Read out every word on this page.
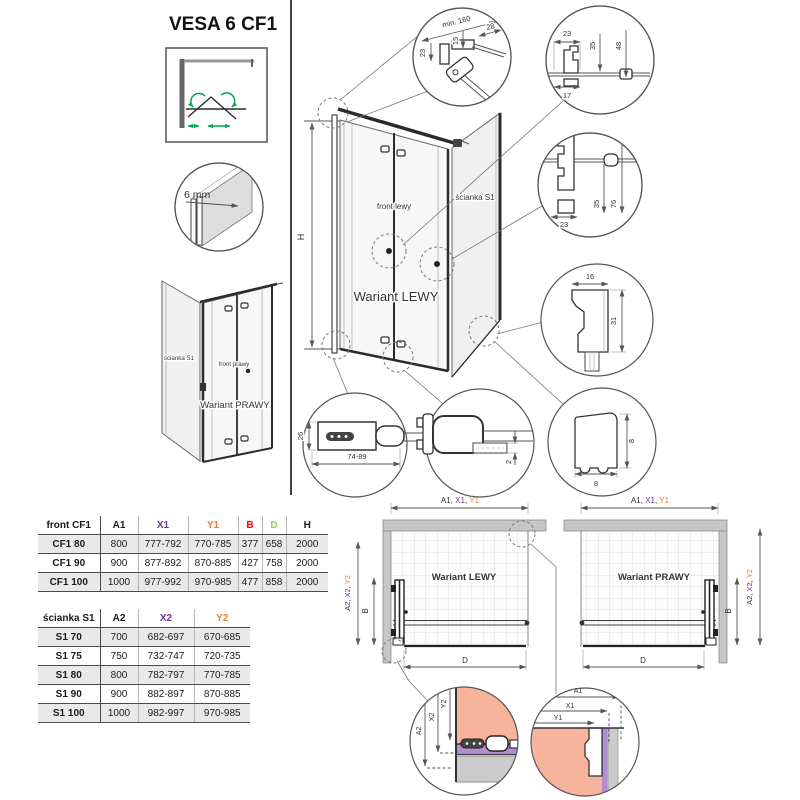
VESA 6 CF1
6 mm
ścianka S1
front prawy
Wariant PRAWY
H
front lewy
ścianka S1
Wariant LEWY
min. 160 28
15
23
23
35 48
17
23
35 76
16
31
8
8
26
74-89
2
A1, X1, Y1
A2, X2, Y2
B
D
Wariant LEWY
A1, X1, Y1
A2, X2, Y2
B
D
Wariant PRAWY
A2
X2
Y2
A1
X1
Y1
front CF1	A1	X1	Y1	B	D	H
CF1 80	800	777-792	770-785	377	658	2000
CF1 90	900	877-892	870-885	427	758	2000
CF1 100	1000	977-992	970-985	477	858	2000
ścianka S1	A2	X2	Y2
S1 70	700	682-697	670-685
S1 75	750	732-747	720-735
S1 80	800	782-797	770-785
S1 90	900	882-897	870-885
S1 100	1000	982-997	970-985
